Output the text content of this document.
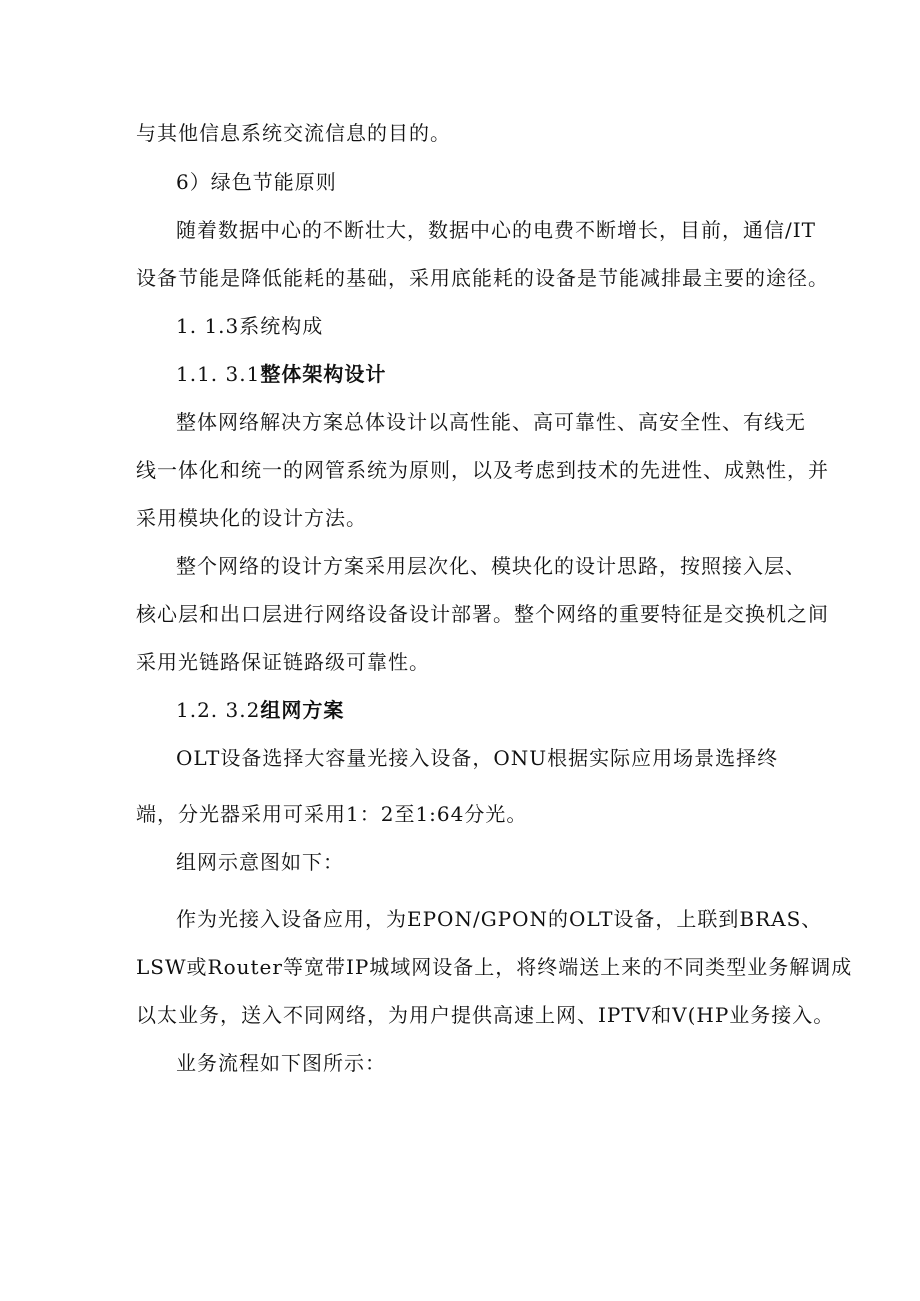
与其他信息系统交流信息的目的。
6）绿色节能原则
随着数据中心的不断壮大，数据中心的电费不断增长，目前，通信/IT
设备节能是降低能耗的基础，采用底能耗的设备是节能减排最主要的途径。
1. 1.3系统构成
1.1. 3.1整体架构设计
整体网络解决方案总体设计以高性能、高可靠性、高安全性、有线无
线一体化和统一的网管系统为原则，以及考虑到技术的先进性、成熟性，并
采用模块化的设计方法。
整个网络的设计方案采用层次化、模块化的设计思路，按照接入层、
核心层和出口层进行网络设备设计部署。整个网络的重要特征是交换机之间
采用光链路保证链路级可靠性。
1.2. 3.2组网方案
OLT设备选择大容量光接入设备，ONU根据实际应用场景选择终
端，分光器采用可采用1：2至1:64分光。
组网示意图如下：
作为光接入设备应用，为EPON/GPON的OLT设备，上联到BRAS、
LSW或Router等宽带IP城域网设备上，将终端送上来的不同类型业务解调成
以太业务，送入不同网络，为用户提供高速上网、IPTV和V(HP业务接入。
业务流程如下图所示：
